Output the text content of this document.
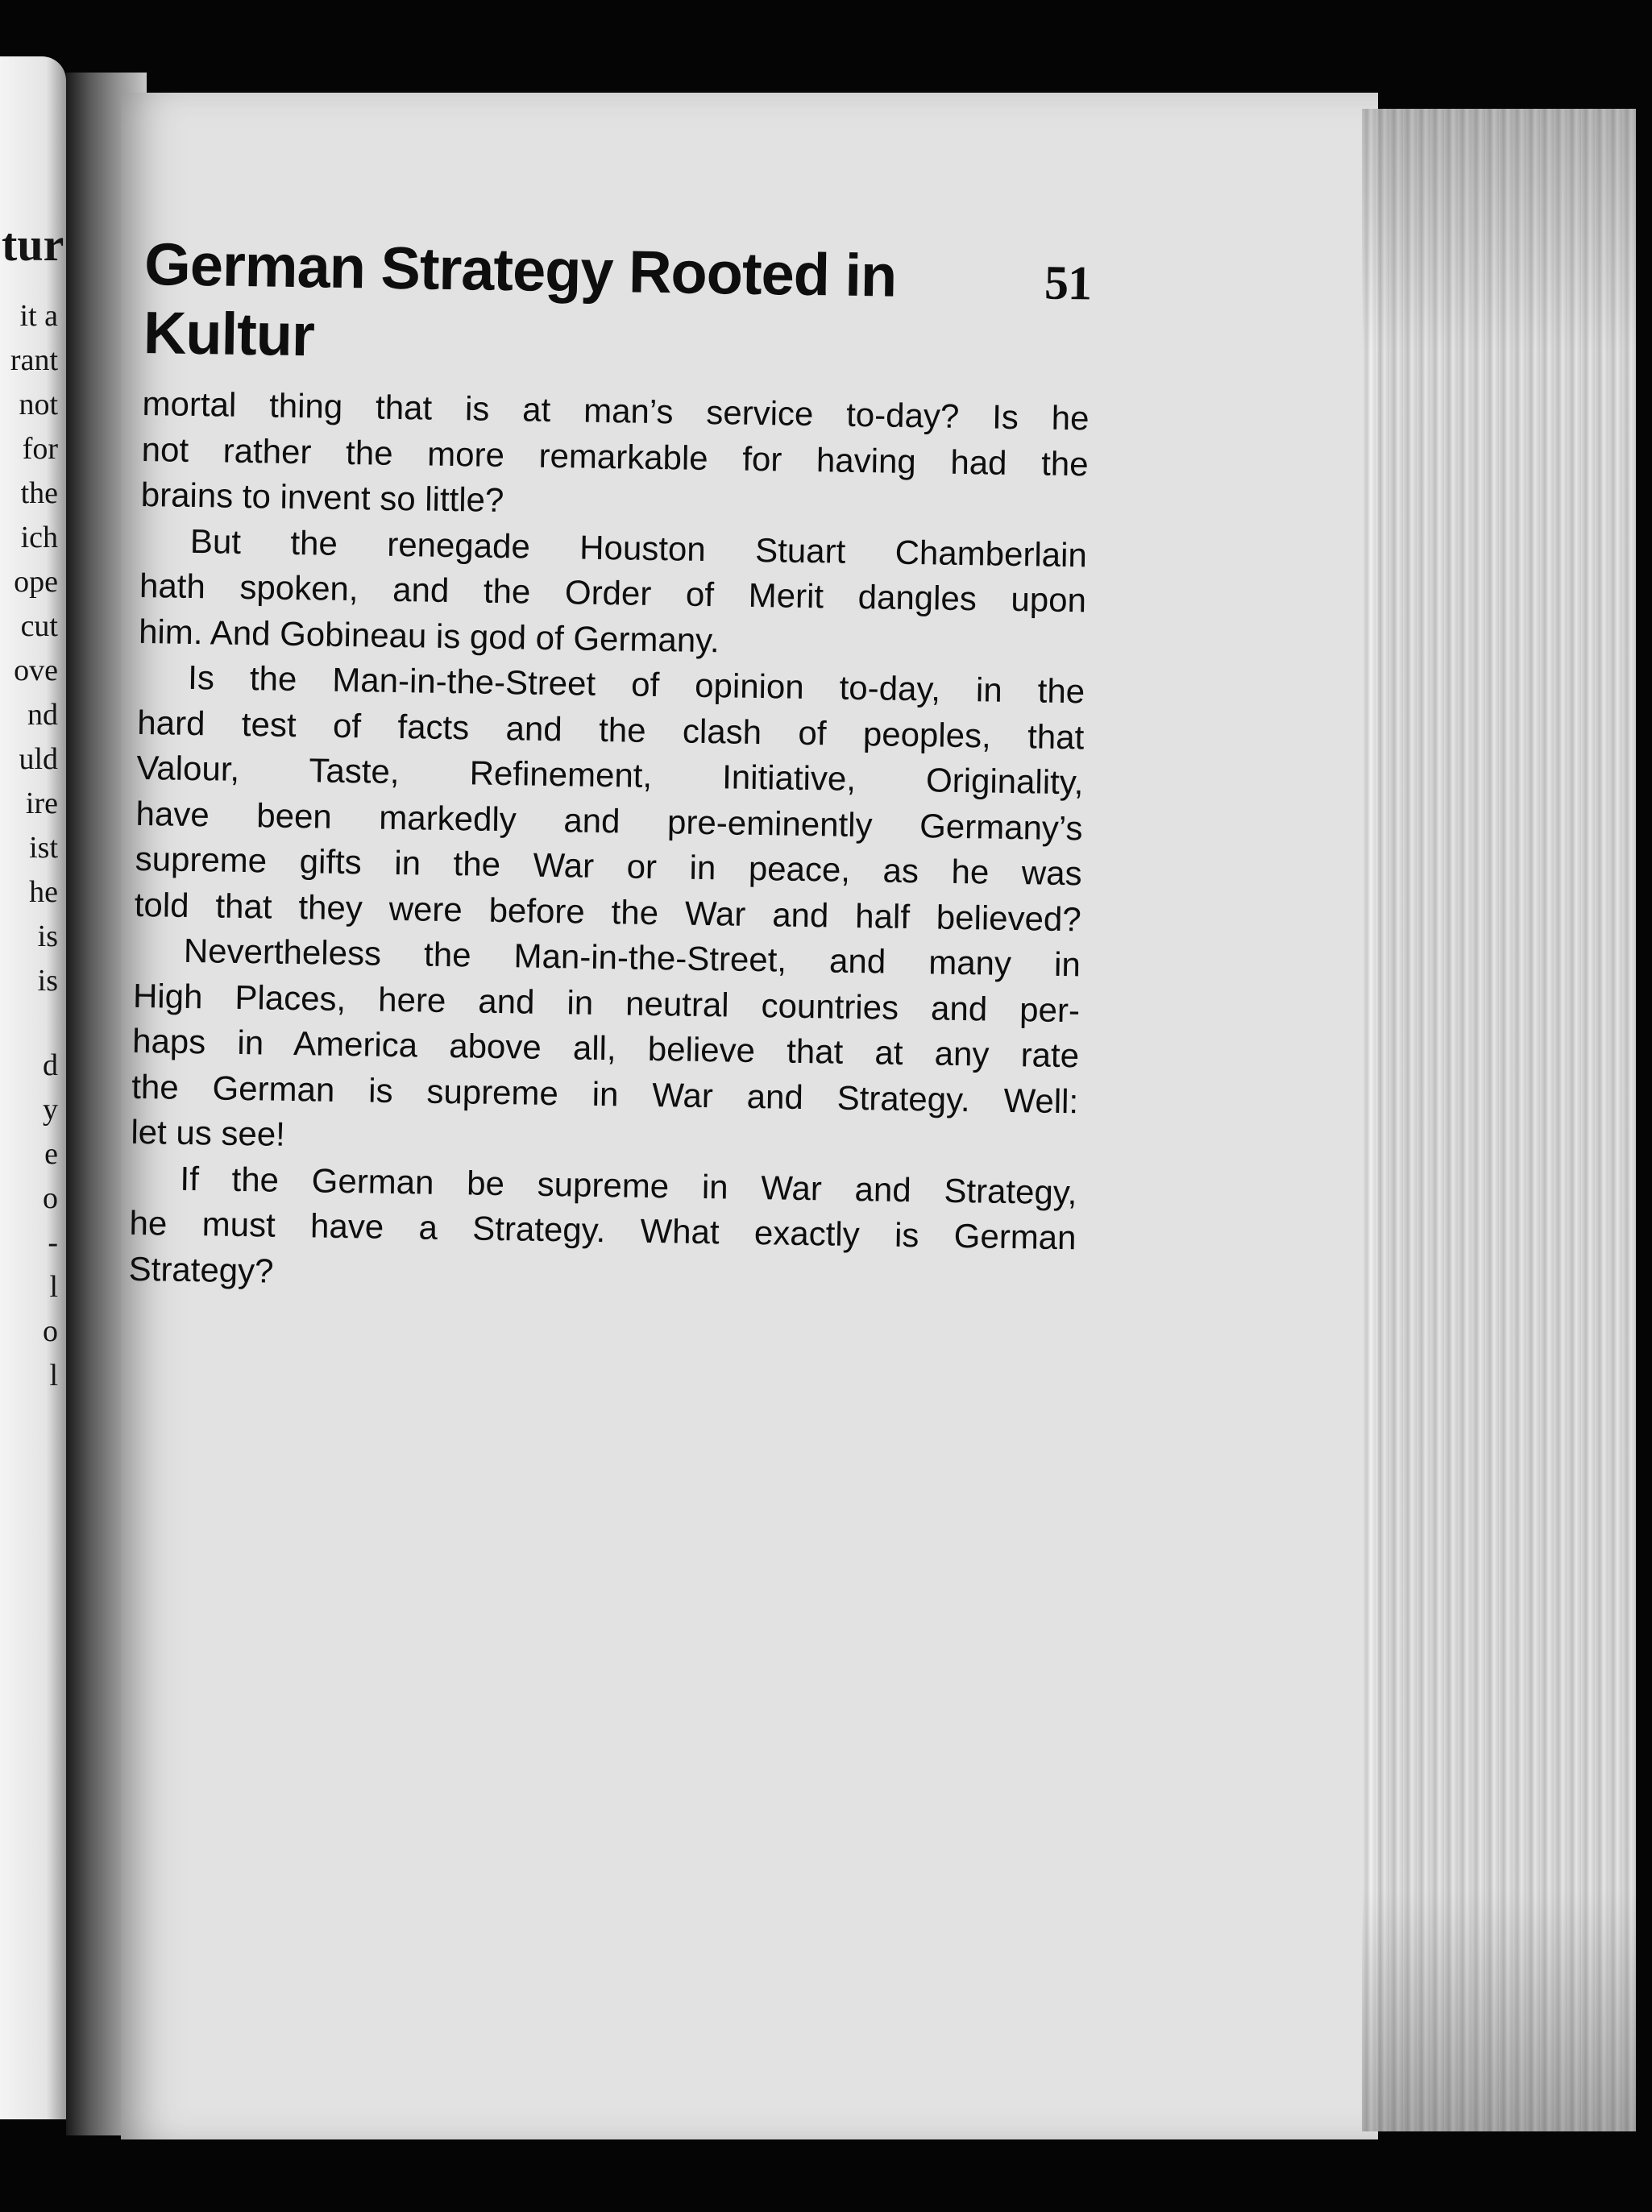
tur
it a
rant
not
for
the
ich
ope
cut
ove
nd
uld
ire
ist
he
is
is
d
y
e
o
-
l
o
l
German Strategy Rooted in Kultur
51
mortal thing that is at man’s service to-day? Is he
not rather the more remarkable for having had the
brains to invent so little?
But the renegade Houston Stuart Chamberlain
hath spoken, and the Order of Merit dangles upon
him. And Gobineau is god of Germany.
Is the Man-in-the-Street of opinion to-day, in the
hard test of facts and the clash of peoples, that
Valour, Taste, Refinement, Initiative, Originality,
have been markedly and pre-eminently Germany’s
supreme gifts in the War or in peace, as he was
told that they were before the War and half believed?
Nevertheless the Man-in-the-Street, and many in
High Places, here and in neutral countries and per-
haps in America above all, believe that at any rate
the German is supreme in War and Strategy. Well:
let us see!
If the German be supreme in War and Strategy,
he must have a Strategy. What exactly is German
Strategy?
